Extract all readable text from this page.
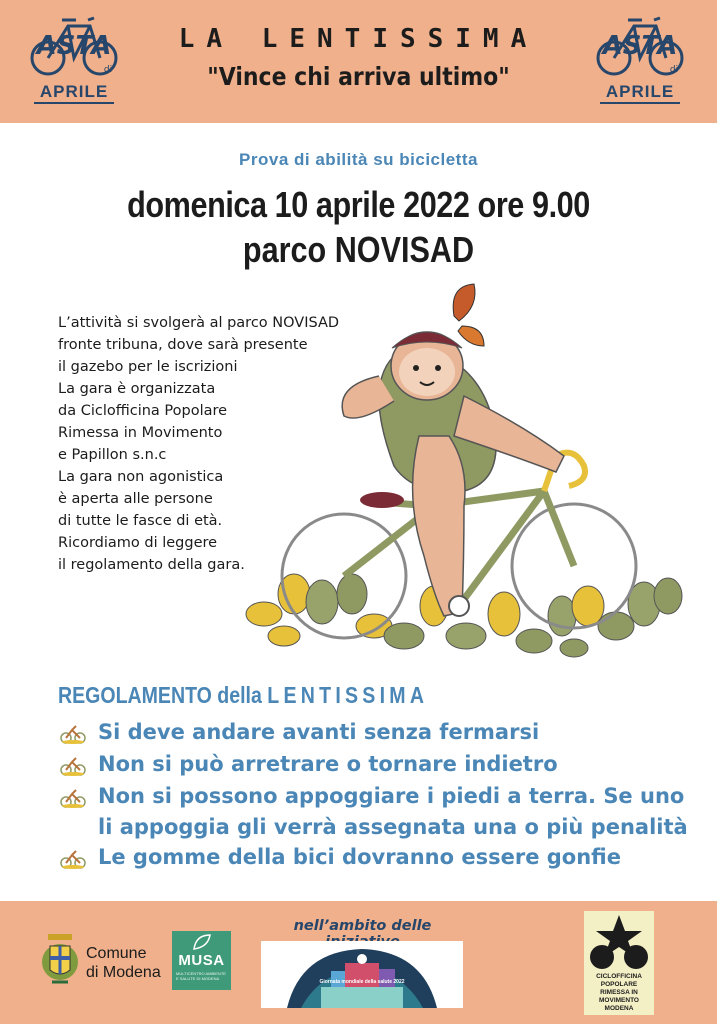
ASTA
di
APRILE
LA LENTISSIMA
"Vince chi arriva ultimo"
ASTA
di
APRILE
Prova di abilità su bicicletta
domenica 10 aprile 2022 ore 9.00
parco NOVISAD
L’attività si svolgerà al parco NOVISAD
fronte tribuna, dove sarà presente
il gazebo per le iscrizioni
La gara è organizzata
da Ciclofficina Popolare
Rimessa in Movimento
e Papillon s.n.c
La gara non agonistica
è aperta alle persone
di tutte le fasce di età.
Ricordiamo di leggere
il regolamento della gara.
REGOLAMENTO della LENTISSIMA
Si deve andare avanti senza fermarsi
Non si può arretrare o tornare indietro
Non si possono appoggiare i piedi a terra. Se uno
li appoggia gli verrà assegnata una o più penalità
Le gomme della bici dovranno essere gonfie
nell’ambito delle
Comune
di Modena
MUSA
MULTICENTRO AMBIENTE E SALUTE DI MODENA
Giornata mondiale della salute 2022
CICLOFFICINA
POPOLARE
RIMESSA IN
MOVIMENTO
MODENA
